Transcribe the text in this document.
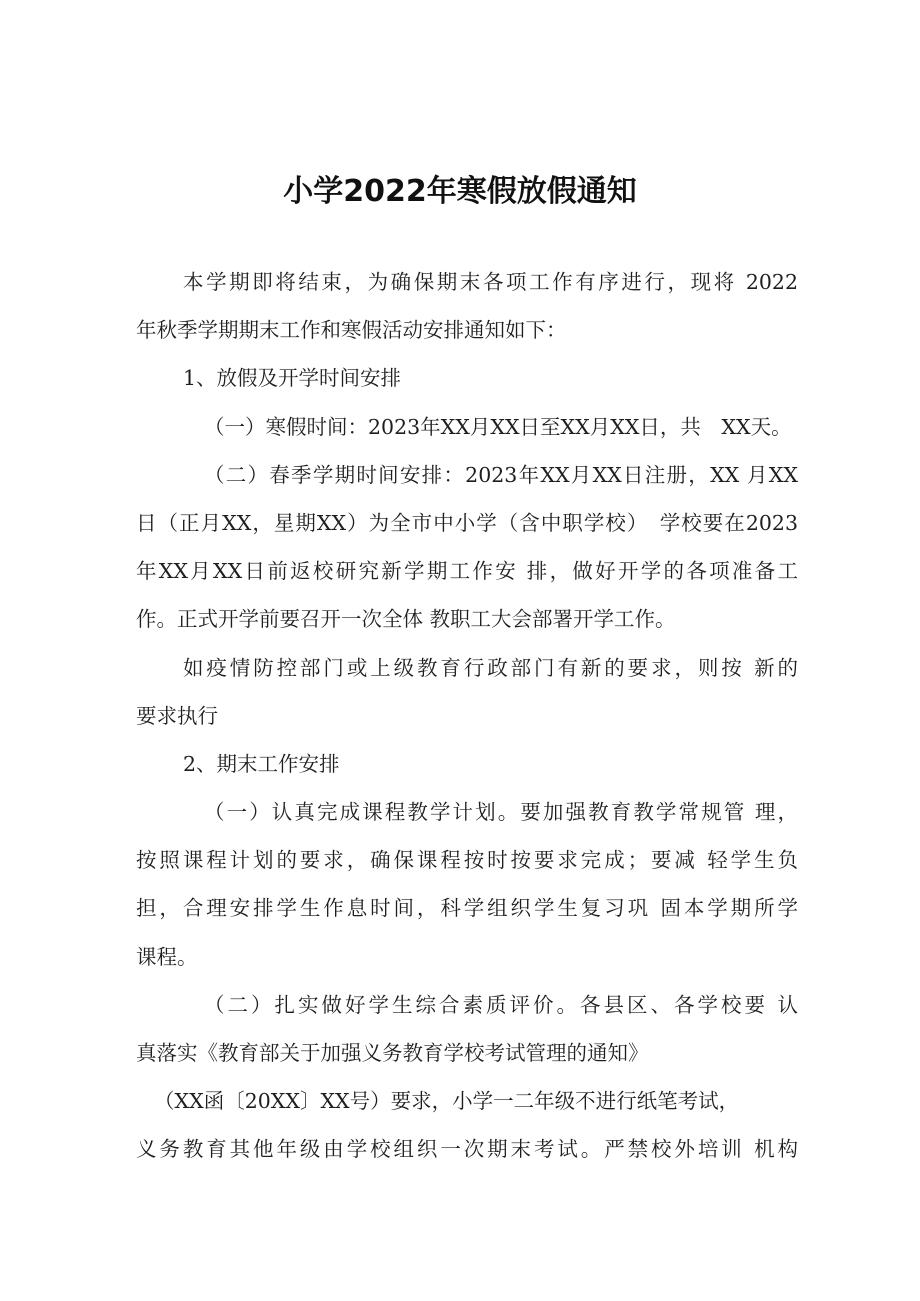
小学2022年寒假放假通知
本学期即将结束，为确保期末各项工作有序进行，现将 2022
年秋季学期期末工作和寒假活动安排通知如下：
1、放假及开学时间安排
（一）寒假时间：2023年XX月XX日至XX月XX日，共　XX天。
（二）春季学期时间安排：2023年XX月XX日注册，XX 月XX
日（正月XX，星期XX）为全市中小学（含中职学校）　学校要在2023
年XX月XX日前返校研究新学期工作安 排，做好开学的各项准备工
作。正式开学前要召开一次全体 教职工大会部署开学工作。
如疫情防控部门或上级教育行政部门有新的要求，则按 新的
要求执行
2、期末工作安排
（一）认真完成课程教学计划。要加强教育教学常规管 理，
按照课程计划的要求，确保课程按时按要求完成；要减 轻学生负
担，合理安排学生作息时间，科学组织学生复习巩 固本学期所学
课程。
（二）扎实做好学生综合素质评价。各县区、各学校要 认
真落实《教育部关于加强义务教育学校考试管理的通知》
（XX函〔20XX〕XX号）要求，小学一二年级不进行纸笔考试，
义务教育其他年级由学校组织一次期末考试。严禁校外培训 机构
